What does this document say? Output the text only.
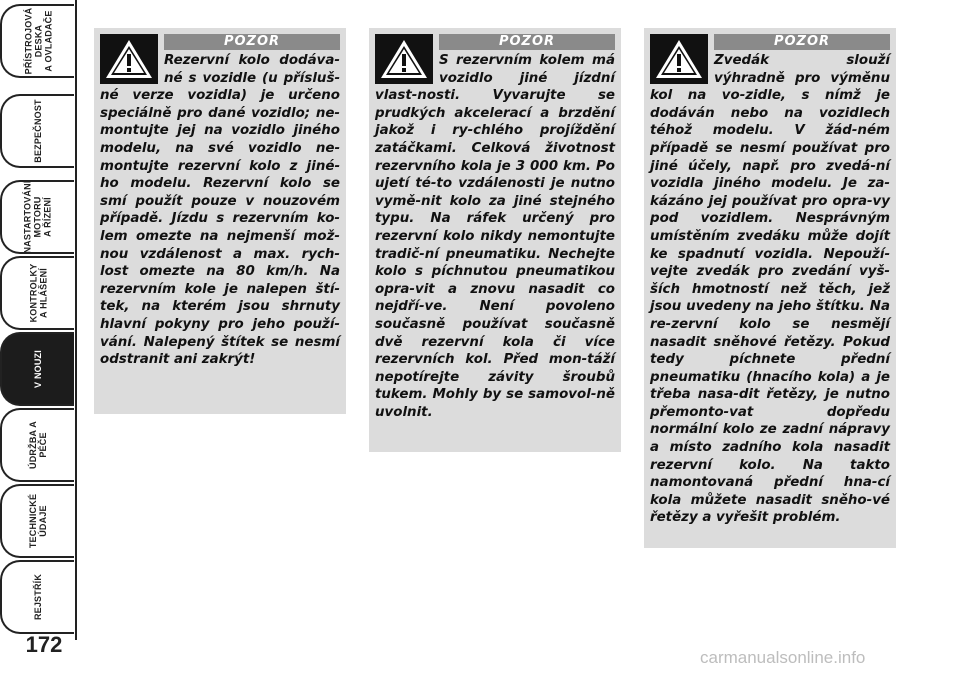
PŘÍSTROJOVÁ
DESKA
A OVLADAČE
BEZPEČNOST
NASTARTOVÁNÍ
MOTORU
A ŘÍZENÍ
KONTROLKY
A HLÁŠENÍ
V NOUZI
ÚDRŽBA A PÉČE
TECHNICKÉ
ÚDAJE
REJSTŘÍK
172
POZOR

Rezervní kolo dodáva-né s vozidle (u přísluš-né verze vozidla) je určeno speciálně pro dané vozidlo; ne-montujte jej na vozidlo jiného modelu, na své vozidlo ne-montujte rezervní kolo z jiné-ho modelu. Rezervní kolo se smí použít pouze v nouzovém případě. Jízdu s rezervním ko-lem omezte na nejmenší mož-nou vzdálenost a max. rych-lost omezte na 80 km/h. Na rezervním kole je nalepen ští-tek, na kterém jsou shrnuty hlavní pokyny pro jeho použí-vání. Nalepený štítek se nesmí odstranit ani zakrýt!

POZOR

S rezervním kolem má vozidlo jiné jízdní vlast-nosti. Vyvarujte se prudkých akcelerací a brzdění jakož i ry-chlého projíždění zatáčkami. Celková životnost rezervního kola je 3 000 km. Po ujetí té-to vzdálenosti je nutno vymě-nit kolo za jiné stejného typu. Na ráfek určený pro rezervní kolo nikdy nemontujte tradič-ní pneumatiku. Nechejte kolo s píchnutou pneumatikou opra-vit a znovu nasadit co nejdří-ve. Není povoleno současně používat současně dvě rezervní kola či více rezervních kol. Před mon-táží nepotírejte závity šroubů tukem. Mohly by se samovol-ně uvolnit.

POZOR

Zvedák slouží výhradně pro výměnu kol na vo-zidle, s nímž je dodáván nebo na vozidlech téhož modelu. V žád-ném případě se nesmí používat pro jiné účely, např. pro zvedá-ní vozidla jiného modelu. Je za-kázáno jej používat pro opra-vy pod vozidlem. Nesprávným umístěním zvedáku může dojít ke spadnutí vozidla. Nepouží-vejte zvedák pro zvedání vyš-ších hmotností než těch, jež jsou uvedeny na jeho štítku. Na re-zervní kolo se nesmějí nasadit sněhové řetězy. Pokud tedy píchnete přední pneumatiku (hnacího kola) a je třeba nasa-dit řetězy, je nutno přemonto-vat dopředu normální kolo ze zadní nápravy a místo zadního kola nasadit rezervní kolo. Na takto namontovaná přední hna-cí kola můžete nasadit sněho-vé řetězy a vyřešit problém.

carmanualsonline.info
